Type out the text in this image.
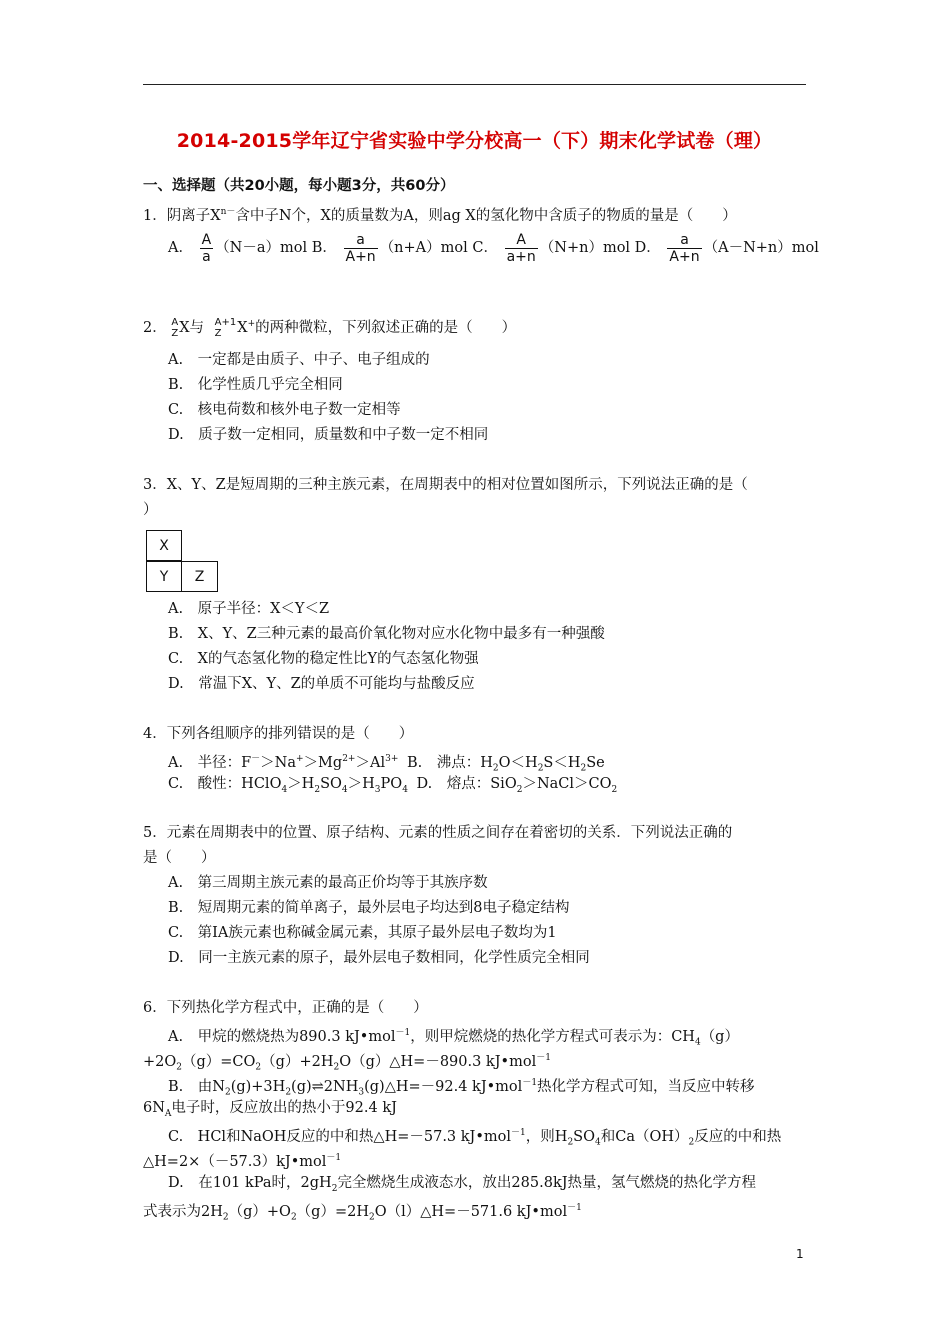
2014-2015学年辽宁省实验中学分校高一（下）期末化学试卷（理）
一、选择题（共20小题，每小题3分，共60分）
1．阴离子$X^{n-}$含中子N个，X的质量数为A，则ag X的氢化物中含质子的物质的量是（　　）
A． $\frac{A}{a} (N-a)mol$ B． $\frac{a}{A+n} (n+A)mol$ C． $\frac{A}{a+n} (N+n)mol$ D． $\frac{a}{A+n} (A-N+n)mol$
2． A
ZX与 A+1
Z X+的两种微粒，下列叙述正确的是（　　）
A.　一定都是由质子、中子、电子组成的
B.　化学性质几乎完全相同
C.　核电荷数和核外电子数一定相等
D.　质子数一定相同，质量数和中子数一定不相同
3．X、Y、Z是短周期的三种主族元素，在周期表中的相对位置如图所示，下列说法正确的是（
）
X
Y	Z
A.　原子半径：X＜Y＜Z
B.　X、Y、Z三种元素的最高价氧化物对应水化物中最多有一种强酸
C.　X的气态氢化物的稳定性比Y的气态氢化物强
D.　常温下X、Y、Z的单质不可能均与盐酸反应
4．下列各组顺序的排列错误的是（　　）
A.　半径：$F^->Na^+>Mg^{2+}>Al^{3+}$ B.　沸点：$H_2O<H_2S<H_2Se$
C.　酸性：$HClO_4>H_2SO_4>H_3PO_4$ D.　熔点：$SiO_2>NaCl>CO_2$
5．元素在周期表中的位置、原子结构、元素的性质之间存在着密切的关系．下列说法正确的
是（　　）
A.　第三周期主族元素的最高正价均等于其族序数
B.　短周期元素的简单离子，最外层电子均达到8电子稳定结构
C.　第ⅠA族元素也称碱金属元素，其原子最外层电子数均为1
D.　同一主族元素的原子，最外层电子数相同，化学性质完全相同
6．下列热化学方程式中，正确的是（　　）
A.　甲烷的燃烧热为890.3 kJ•mol$^{-1}$，则甲烷燃烧的热化学方程式可表示为：$CH_4(g)$
$+2O_2(g)=CO_2(g)+2H_2O(g)\triangle H=-890.3$ kJ•mol$^{-1}$
B.　由$N_2(g)+3H_2(g)\rightleftharpoons 2NH_3(g)\triangle H=-92.4$ kJ•mol$^{-1}$热化学方程式可知，当反应中转移
$6N_A$电子时，反应放出的热小于92.4 kJ
C.　HCl和NaOH反应的中和热△H=－57.3 kJ•mol$^{-1}$，则$H_2SO_4$和$Ca(OH)_2$反应的中和热
△H=2×（－57.3）kJ•mol$^{-1}$
D.　在101 kPa时，$2gH_2$完全燃烧生成液态水，放出285.8kJ热量，氢气燃烧的热化学方程
式表示为$2H_2(g)+O_2(g)=2H_2O(l)\triangle H=-571.6$ kJ•mol$^{-1}$
1
